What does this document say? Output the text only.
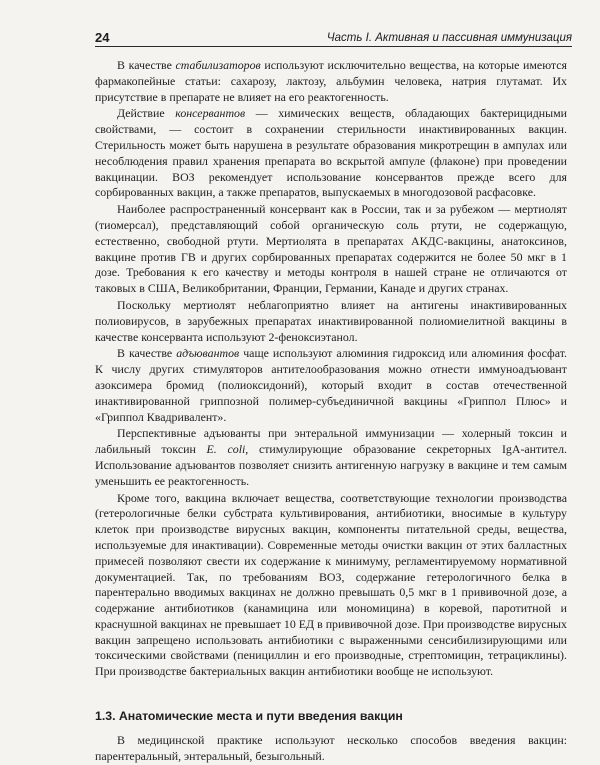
24	Часть I. Активная и пассивная иммунизация

В качестве стабилизаторов используют исключительно вещества, на которые имеются фармакопейные статьи: сахарозу, лактозу, альбумин человека, натрия глутамат. Их присутствие в препарате не влияет на его реактогенность.

Действие консервантов — химических веществ, обладающих бактерицидными свойствами, — состоит в сохранении стерильности инактивированных вакцин. Стерильность может быть нарушена в результате образования микротрещин в ампулах или несоблюдения правил хранения препарата во вскрытой ампуле (флаконе) при проведении вакцинации. ВОЗ рекомендует использование консервантов прежде всего для сорбированных вакцин, а также препаратов, выпускаемых в многодозовой расфасовке.

Наиболее распространенный консервант как в России, так и за рубежом — мертиолят (тиомерсал), представляющий собой органическую соль ртути, не содержащую, естественно, свободной ртути. Мертиолята в препаратах АКДС-вакцины, анатоксинов, вакцине против ГВ и других сорбированных препаратах содержится не более 50 мкг в 1 дозе. Требования к его качеству и методы контроля в нашей стране не отличаются от таковых в США, Великобритании, Франции, Германии, Канаде и других странах.

Поскольку мертиолят неблагоприятно влияет на антигены инактивированных полиовирусов, в зарубежных препаратах инактивированной полиомиелитной вакцины в качестве консерванта используют 2-феноксиэтанол.

В качестве адъювантов чаще используют алюминия гидроксид или алюминия фосфат. К числу других стимуляторов антителообразования можно отнести иммуноадъювант азоксимера бромид (полиоксидоний), который входит в состав отечественной инактивированной гриппозной полимер-субъединичной вакцины «Гриппол Плюс» и «Гриппол Квадривалент».

Перспективные адъюванты при энтеральной иммунизации — холерный токсин и лабильный токсин E. coli, стимулирующие образование секреторных IgA-антител. Использование адъювантов позволяет снизить антигенную нагрузку в вакцине и тем самым уменьшить ее реактогенность.

Кроме того, вакцина включает вещества, соответствующие технологии производства (гетерологичные белки субстрата культивирования, антибиотики, вносимые в культуру клеток при производстве вирусных вакцин, компоненты питательной среды, вещества, используемые для инактивации). Современные методы очистки вакцин от этих балластных примесей позволяют свести их содержание к минимуму, регламентируемому нормативной документацией. Так, по требованиям ВОЗ, содержание гетерологичного белка в парентерально вводимых вакцинах не должно превышать 0,5 мкг в 1 прививочной дозе, а содержание антибиотиков (канамицина или мономицина) в коревой, паротитной и краснушной вакцинах не превышает 10 ЕД в прививочной дозе. При производстве вирусных вакцин запрещено использовать антибиотики с выраженными сенсибилизирующими или токсическими свойствами (пенициллин и его производные, стрептомицин, тетрациклины). При производстве бактериальных вакцин антибиотики вообще не используют.

1.3. Анатомические места и пути введения вакцин

В медицинской практике используют несколько способов введения вакцин: парентеральный, энтеральный, безыгольный.
